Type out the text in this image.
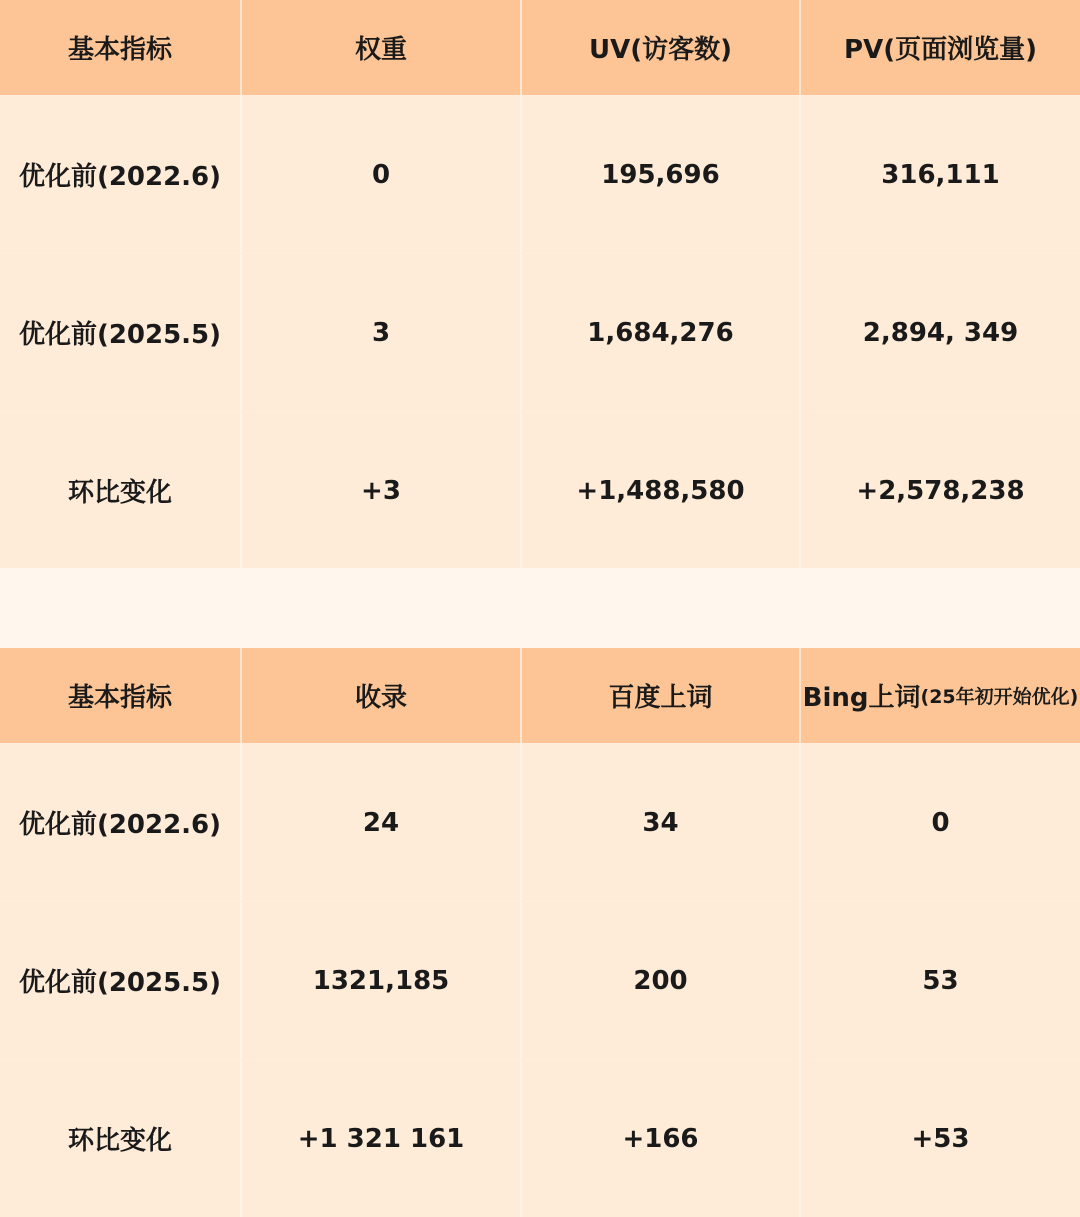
基本指标	权重	UV(访客数)	PV(页面浏览量)
优化前(2022.6)	0	195,696	316,111
优化前(2025.5)	3	1,684,276	2,894, 349
环比变化	+3	+1,488,580	+2,578,238
基本指标	收录	百度上词	Bing上词 (25年初开始优化)
优化前(2022.6)	24	34	0
优化前(2025.5)	1321,185	200	53
环比变化	+1 321 161	+166	+53
